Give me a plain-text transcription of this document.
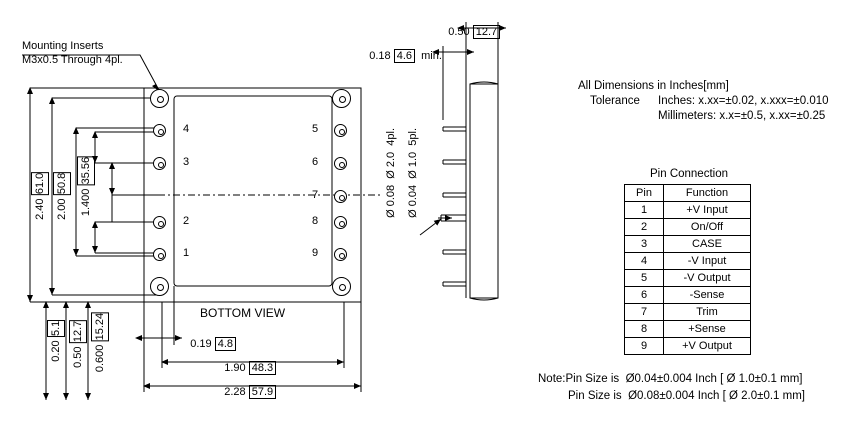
4
3
2
1
5
6
7
8
9
Mounting Inserts
M3x0.5 Through 4pl.
BOTTOM VIEW

2.40 61.0

2.00 50.8

1.400 35.56

0.20 5.1

0.50 12.7

0.600 15.24

0.19 4.8

1.90 48.3

2.28 57.9

0.50 12.7

0.18 4.6 min.

Ø 0.08  Ø 2.0  4pl. Ø 0.04  Ø 1.0  5pl.
All Dimensions in Inches[mm]
Tolerance Inches: x.xx=±0.02, x.xxx=±0.010
Millimeters: x.x=±0.5, x.xx=±0.25
Pin Connection
Pin	Function
1	+V Input
2	On/Off
3	CASE
4	-V Input
5	-V Output
6	-Sense
7	Trim
8	+Sense
9	+V Output
Note:Pin Size is  Ø0.04±0.004 Inch [ Ø 1.0±0.1 mm]
Pin Size is  Ø0.08±0.004 Inch [ Ø 2.0±0.1 mm]
